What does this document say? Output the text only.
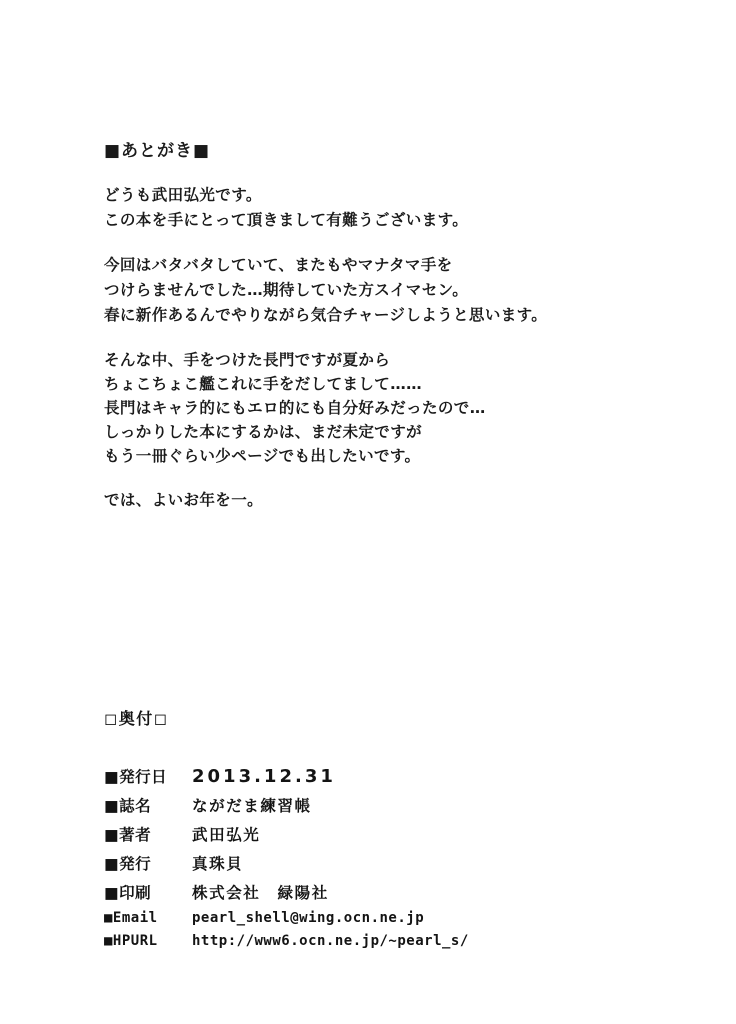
■あとがき■
どうも武田弘光です。
この本を手にとって頂きまして有難うございます。
今回はバタバタしていて、またもやマナタマ手を
つけらませんでした…期待していた方スイマセン。
春に新作あるんでやりながら気合チャージしようと思います。
そんな中、手をつけた長門ですが夏から
ちょこちょこ艦これに手をだしてまして……
長門はキャラ的にもエロ的にも自分好みだったので…
しっかりした本にするかは、まだ未定ですが
もう一冊ぐらい少ページでも出したいです。
では、よいお年を一。
◻奥付◻
■発行日	2013.12.31
■誌名	ながだま練習帳
■著者	武田弘光
■発行	真珠貝
■印刷	株式会社　緑陽社
■Email	pearl_shell@wing.ocn.ne.jp
■HPURL	http://www6.ocn.ne.jp/~pearl_s/
